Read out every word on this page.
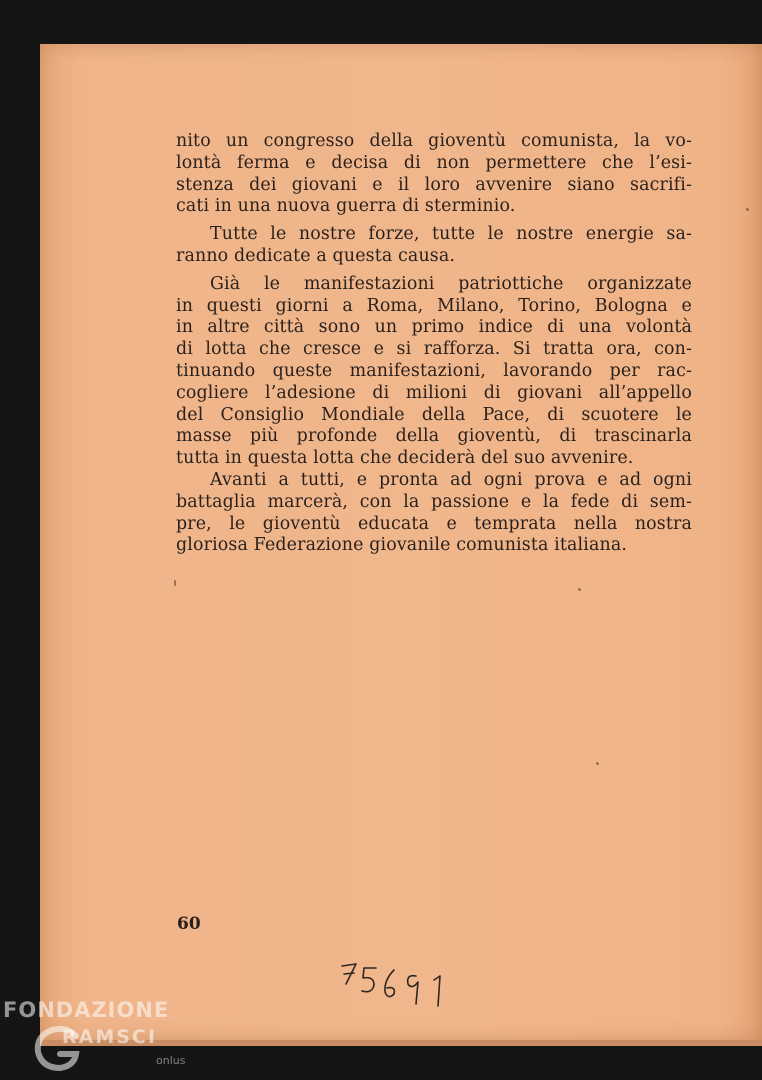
nito un congresso della gioventù comunista, la vo-
lontà ferma e decisa di non permettere che l’esi-
stenza dei giovani e il loro avvenire siano sacrifi-
cati in una nuova guerra di sterminio.

Tutte le nostre forze, tutte le nostre energie sa-
ranno dedicate a questa causa.

Già le manifestazioni patriottiche organizzate
in questi giorni a Roma, Milano, Torino, Bologna e
in altre città sono un primo indice di una volontà
di lotta che cresce e si rafforza. Si tratta ora, con-
tinuando queste manifestazioni, lavorando per rac-
cogliere l’adesione di milioni di giovani all’appello
del Consiglio Mondiale della Pace, di scuotere le
masse più profonde della gioventù, di trascinarla
tutta in questa lotta che deciderà del suo avvenire.

Avanti a tutti, e pronta ad ogni prova e ad ogni
battaglia marcerà, con la passione e la fede di sem-
pre, le gioventù educata e temprata nella nostra
gloriosa Federazione giovanile comunista italiana.

60
FONDAZIONE
RAMSCI
onlus
